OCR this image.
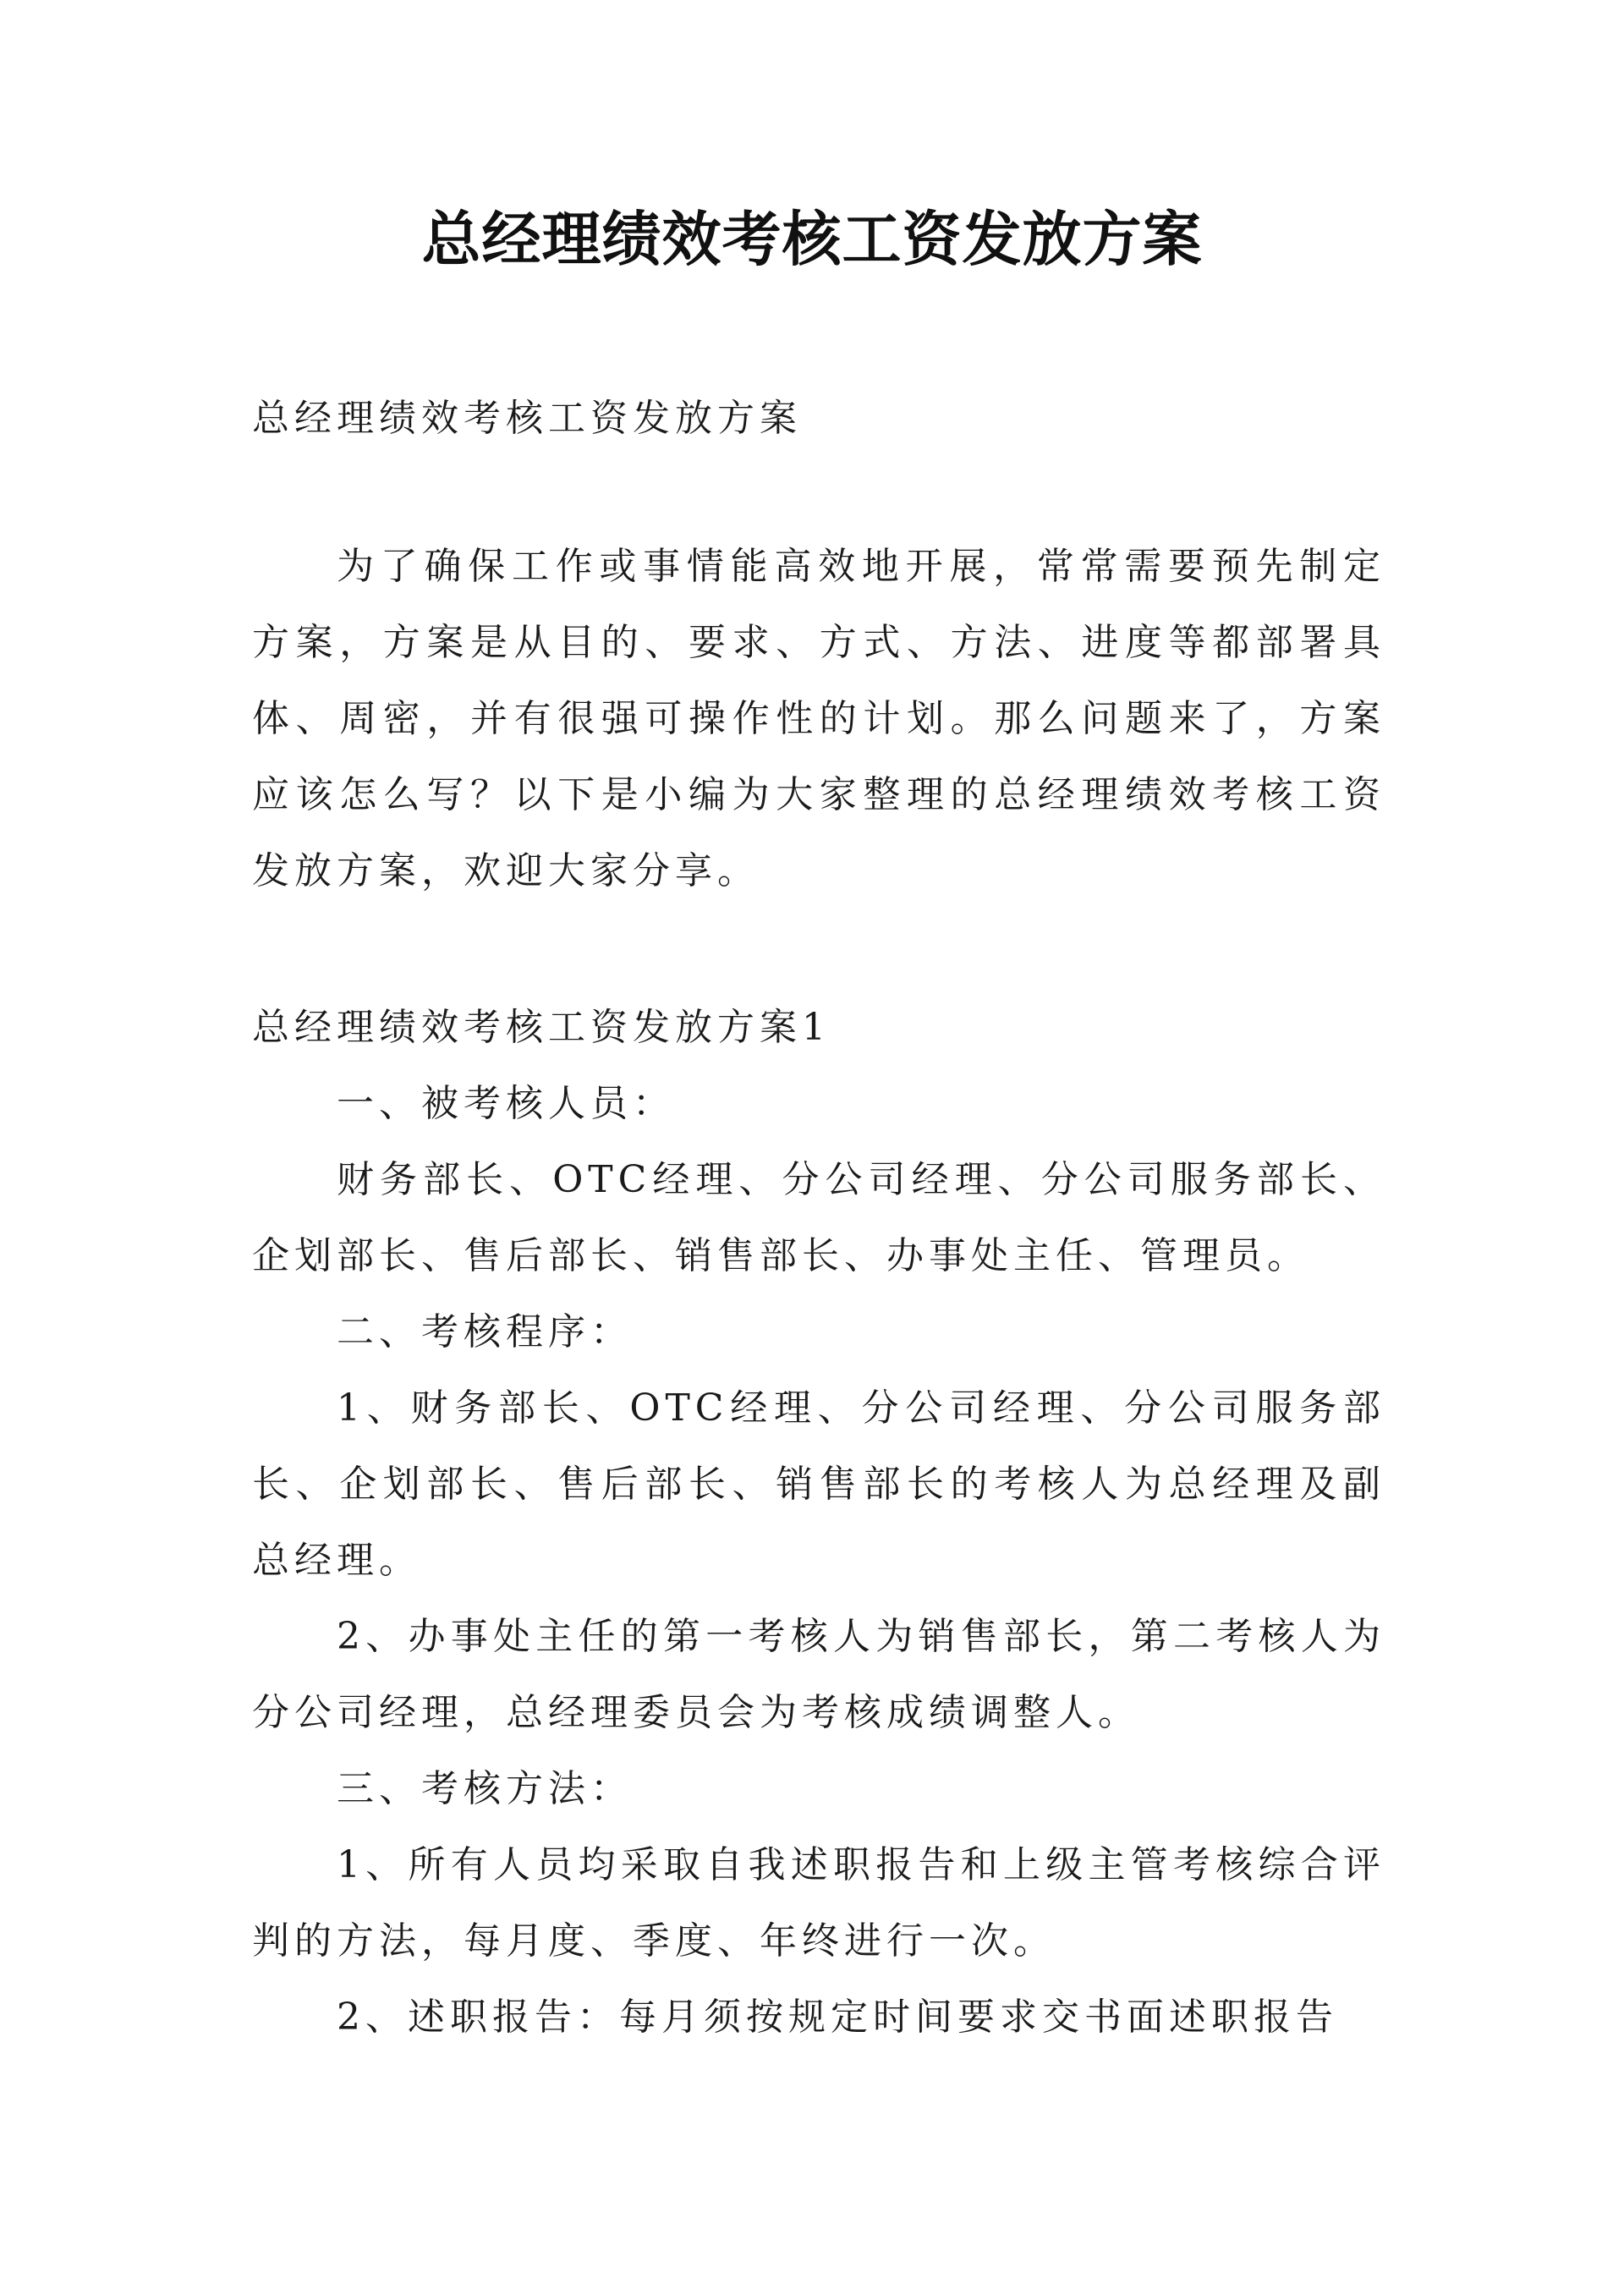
总经理绩效考核工资发放方案

总经理绩效考核工资发放方案

为了确保工作或事情能高效地开展，常常需要预先制定方案，方案是从目的、要求、方式、方法、进度等都部署具体、周密，并有很强可操作性的计划。那么问题来了，方案应该怎么写？以下是小编为大家整理的总经理绩效考核工资发放方案，欢迎大家分享。

总经理绩效考核工资发放方案1

一、被考核人员：

财务部长、OTC经理、分公司经理、分公司服务部长、企划部长、售后部长、销售部长、办事处主任、管理员。

二、考核程序：

1、财务部长、OTC经理、分公司经理、分公司服务部长、企划部长、售后部长、销售部长的考核人为总经理及副总经理。

2、办事处主任的第一考核人为销售部长，第二考核人为分公司经理，总经理委员会为考核成绩调整人。

三、考核方法：

1、所有人员均采取自我述职报告和上级主管考核综合评判的方法，每月度、季度、年终进行一次。

2、述职报告：每月须按规定时间要求交书面述职报告
